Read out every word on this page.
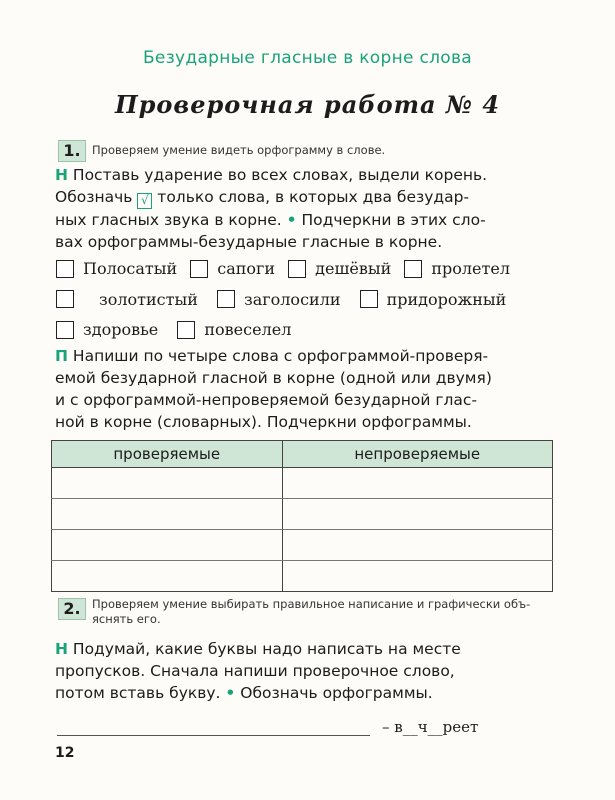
Безударные гласные в корне слова
Проверочная работа № 4
1. Проверяем умение видеть орфограмму в слове.
Н Поставь ударение во всех словах, выдели корень.
Обозначь √ только слова, в которых два безудар-
ных гласных звука в корне. • Подчеркни в этих сло-
вах орфограммы-безударные гласные в корне.
Полосатый
	сапоги
	дешёвый
	пролетел
золотистый
	заголосили
	придорожный
здоровье
	повеселел
П Напиши по четыре слова с орфограммой-проверя-
емой безударной гласной в корне (одной или двумя)
и с орфограммой-непроверяемой безударной глас-
ной в корне (словарных). Подчеркни орфограммы.
проверяемые	непроверяемые

2. Проверяем умение выбирать правильное написание и графически объ-
яснять его.
Н Подумай, какие буквы надо написать на месте
пропусков. Сначала напиши проверочное слово,
потом вставь букву. • Обозначь орфограммы.
– в__ч__реет
12
